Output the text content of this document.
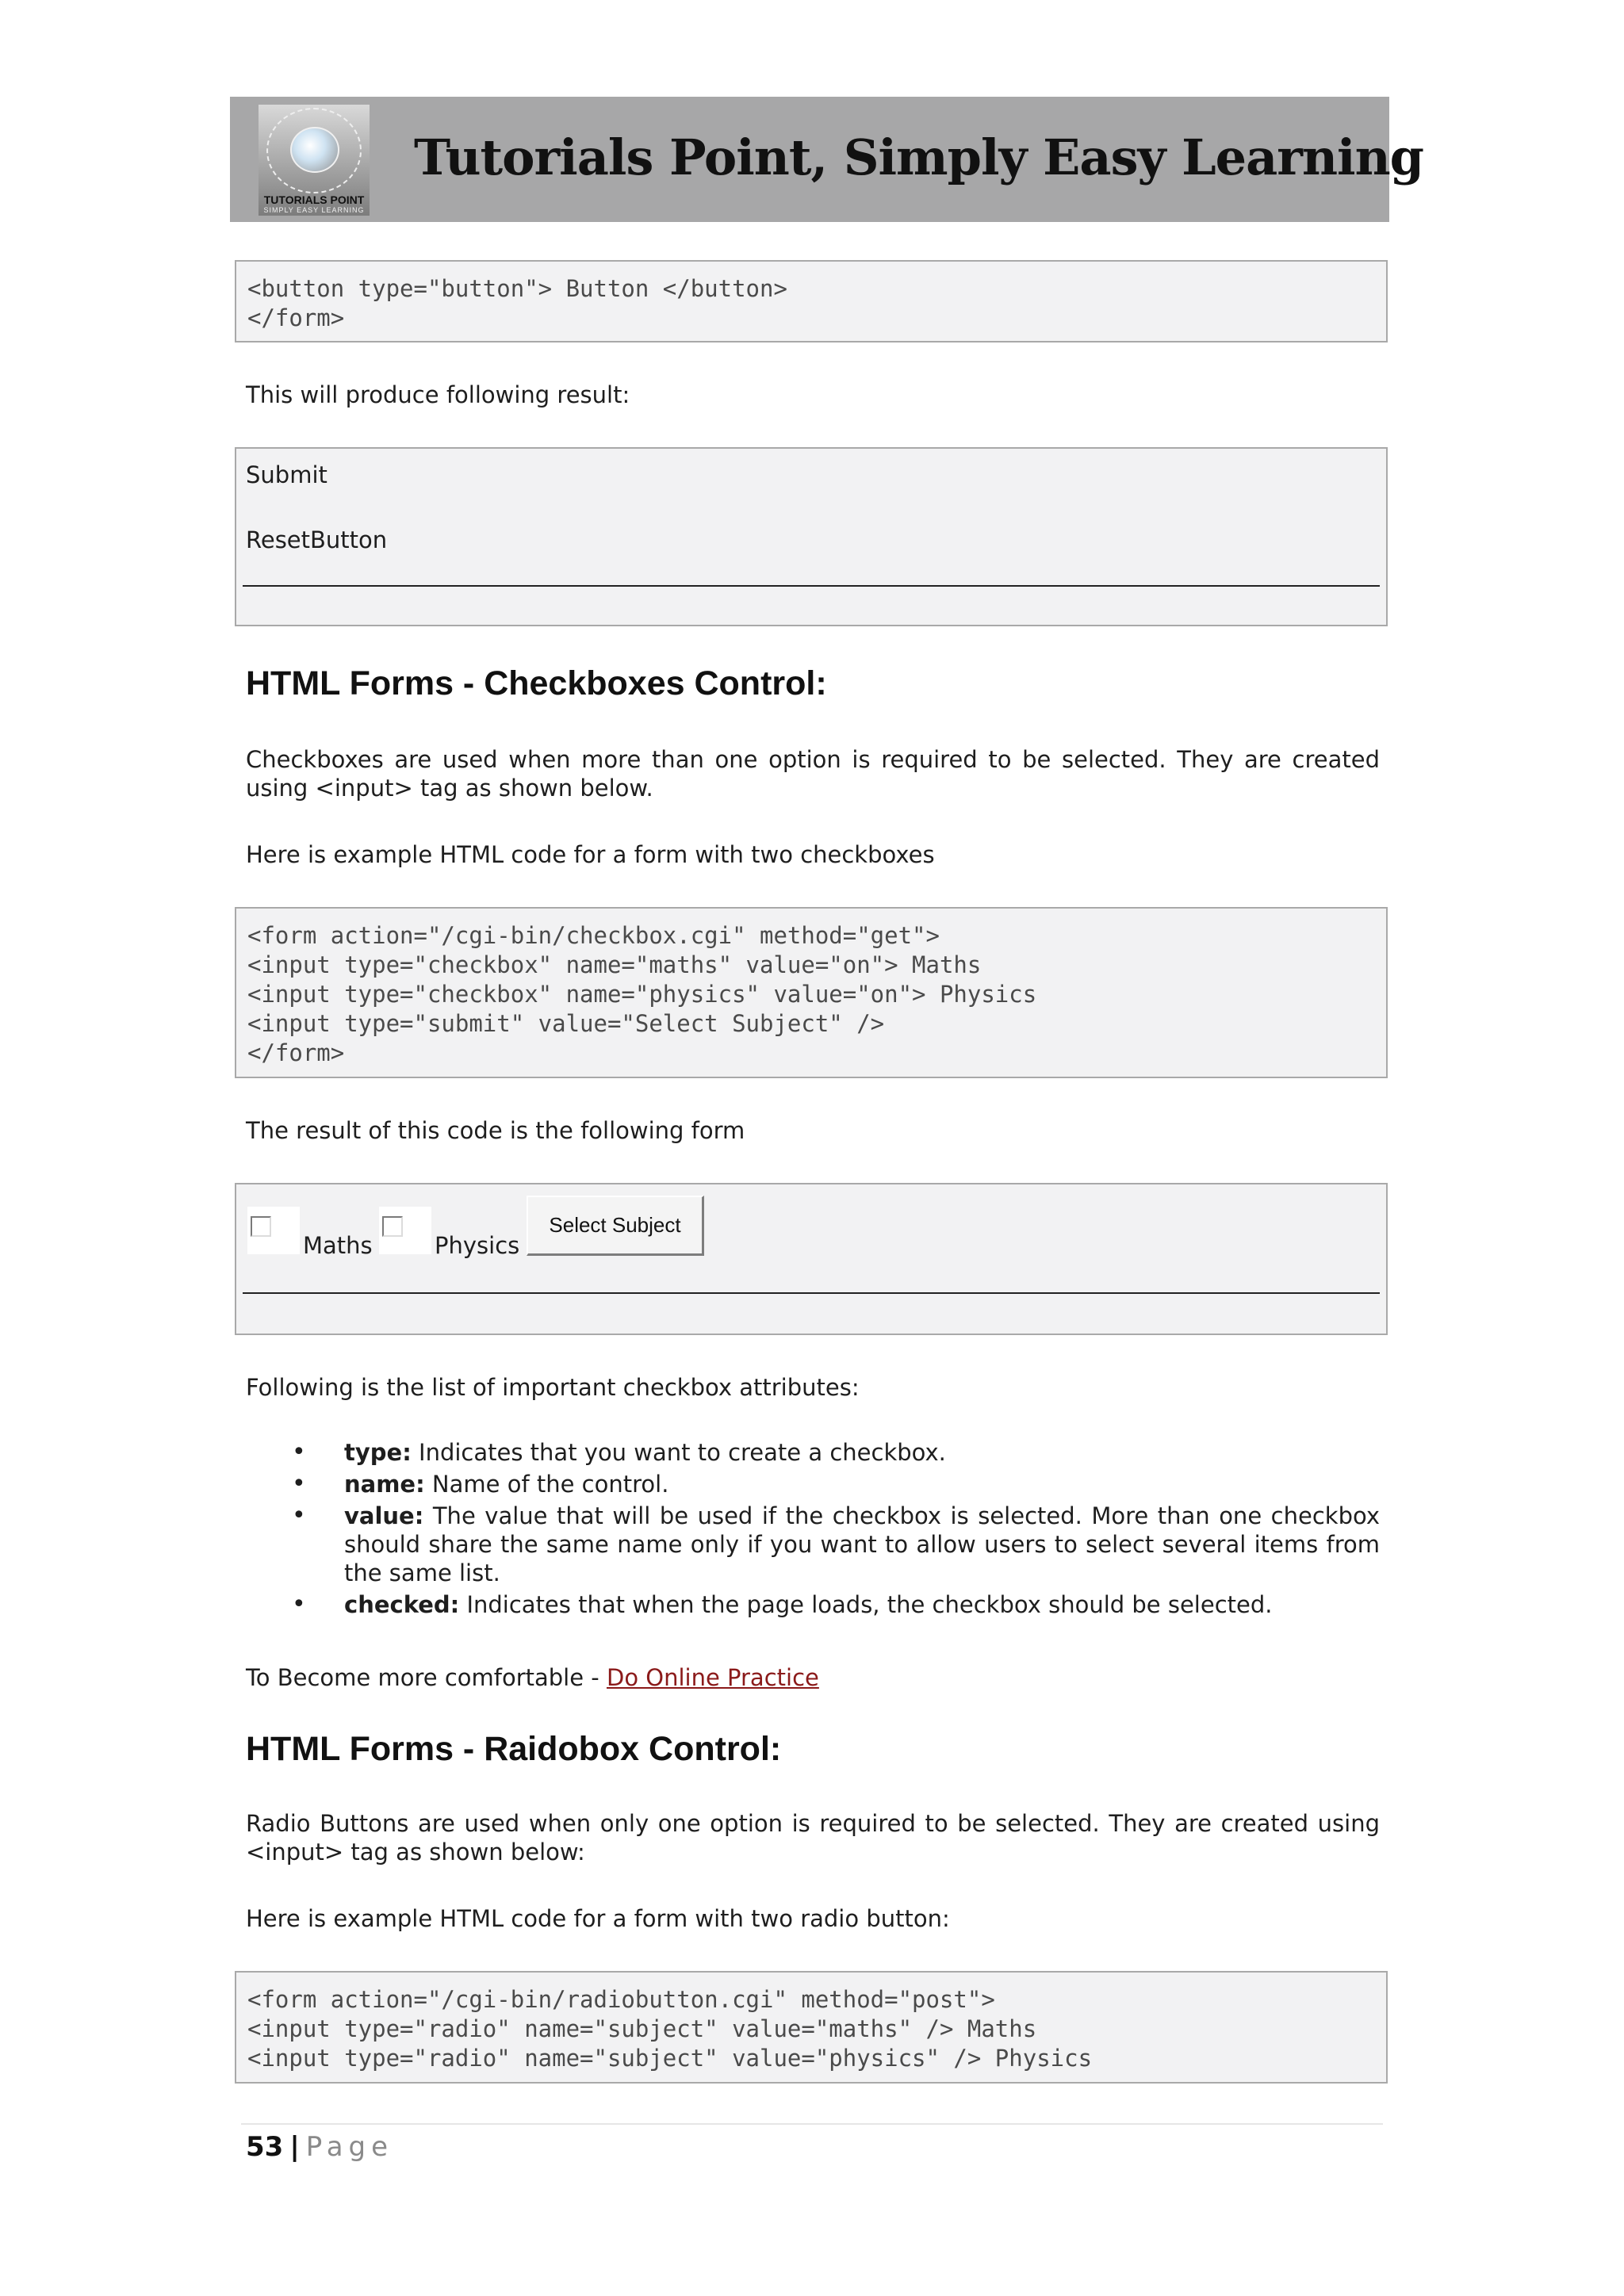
TUTORIALS POINT
SIMPLY EASY LEARNING
Tutorials Point, Simply Easy Learning
<button type="button"> Button </button>
</form>
This will produce following result:
Submit
ResetButton
HTML Forms - Checkboxes Control:
Checkboxes are used when more than one option is required to be selected. They are created using <input> tag as shown below.
Here is example HTML code for a form with two checkboxes
<form action="/cgi-bin/checkbox.cgi" method="get">
<input type="checkbox" name="maths" value="on"> Maths
<input type="checkbox" name="physics" value="on"> Physics
<input type="submit" value="Select Subject" />
</form>
The result of this code is the following form
Maths	Physics
Select Subject
Following is the list of important checkbox attributes:
• type: Indicates that you want to create a checkbox.
• name: Name of the control.
• value: The value that will be used if the checkbox is selected. More than one checkbox should share the same name only if you want to allow users to select several items from the same list.
• checked: Indicates that when the page loads, the checkbox should be selected.
To Become more comfortable - Do Online Practice
HTML Forms - Raidobox Control:
Radio Buttons are used when only one option is required to be selected. They are created using <input> tag as shown below:
Here is example HTML code for a form with two radio button:
<form action="/cgi-bin/radiobutton.cgi" method="post">
<input type="radio" name="subject" value="maths" /> Maths
<input type="radio" name="subject" value="physics" /> Physics
53 | Page
